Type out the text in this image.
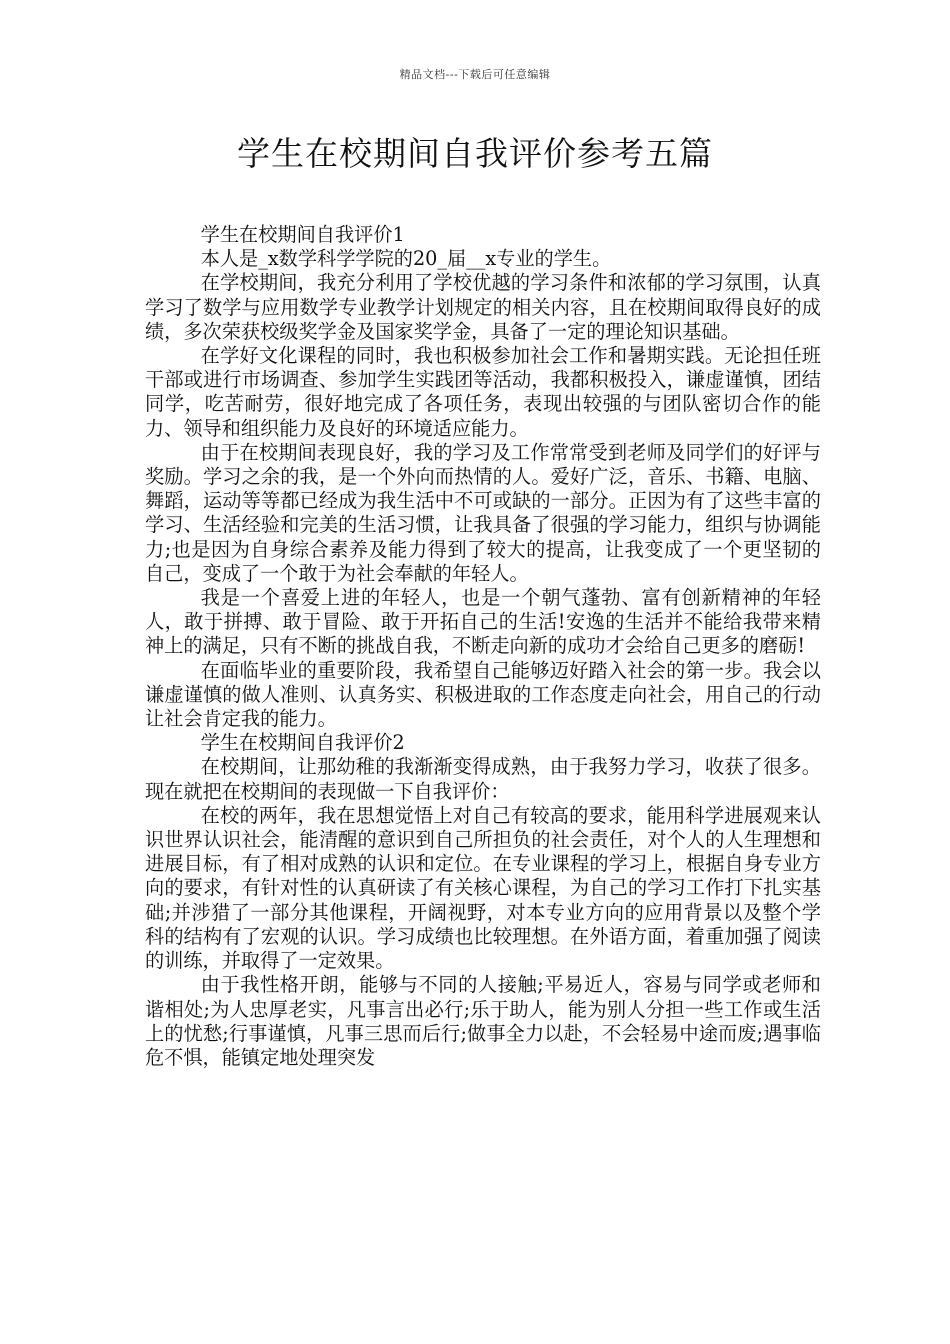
精品文档---下载后可任意编辑
学生在校期间自我评价参考五篇

学生在校期间自我评价1

本人是_x数学科学学院的20_届__x专业的学生。

在学校期间，我充分利用了学校优越的学习条件和浓郁的学习氛围，认真学习了数学与应用数学专业教学计划规定的相关内容，且在校期间取得良好的成绩，多次荣获校级奖学金及国家奖学金，具备了一定的理论知识基础。

在学好文化课程的同时，我也积极参加社会工作和暑期实践。无论担任班干部或进行市场调查、参加学生实践团等活动，我都积极投入，谦虚谨慎，团结同学，吃苦耐劳，很好地完成了各项任务，表现出较强的与团队密切合作的能力、领导和组织能力及良好的环境适应能力。

由于在校期间表现良好，我的学习及工作常常受到老师及同学们的好评与奖励。学习之余的我，是一个外向而热情的人。爱好广泛，音乐、书籍、电脑、舞蹈，运动等等都已经成为我生活中不可或缺的一部分。正因为有了这些丰富的学习、生活经验和完美的生活习惯，让我具备了很强的学习能力，组织与协调能力;也是因为自身综合素养及能力得到了较大的提高，让我变成了一个更坚韧的自己，变成了一个敢于为社会奉献的年轻人。

我是一个喜爱上进的年轻人，也是一个朝气蓬勃、富有创新精神的年轻人，敢于拼搏、敢于冒险、敢于开拓自己的生活!安逸的生活并不能给我带来精神上的满足，只有不断的挑战自我，不断走向新的成功才会给自己更多的磨砺!

在面临毕业的重要阶段，我希望自己能够迈好踏入社会的第一步。我会以谦虚谨慎的做人准则、认真务实、积极进取的工作态度走向社会，用自己的行动让社会肯定我的能力。

学生在校期间自我评价2

在校期间，让那幼稚的我渐渐变得成熟，由于我努力学习，收获了很多。现在就把在校期间的表现做一下自我评价：

在校的两年，我在思想觉悟上对自己有较高的要求，能用科学进展观来认识世界认识社会，能清醒的意识到自己所担负的社会责任，对个人的人生理想和进展目标，有了相对成熟的认识和定位。在专业课程的学习上，根据自身专业方向的要求，有针对性的认真研读了有关核心课程，为自己的学习工作打下扎实基础;并涉猎了一部分其他课程，开阔视野，对本专业方向的应用背景以及整个学科的结构有了宏观的认识。学习成绩也比较理想。在外语方面，着重加强了阅读的训练，并取得了一定效果。

由于我性格开朗，能够与不同的人接触;平易近人，容易与同学或老师和谐相处;为人忠厚老实，凡事言出必行;乐于助人，能为别人分担一些工作或生活上的忧愁;行事谨慎，凡事三思而后行;做事全力以赴，不会轻易中途而废;遇事临危不惧，能镇定地处理突发
